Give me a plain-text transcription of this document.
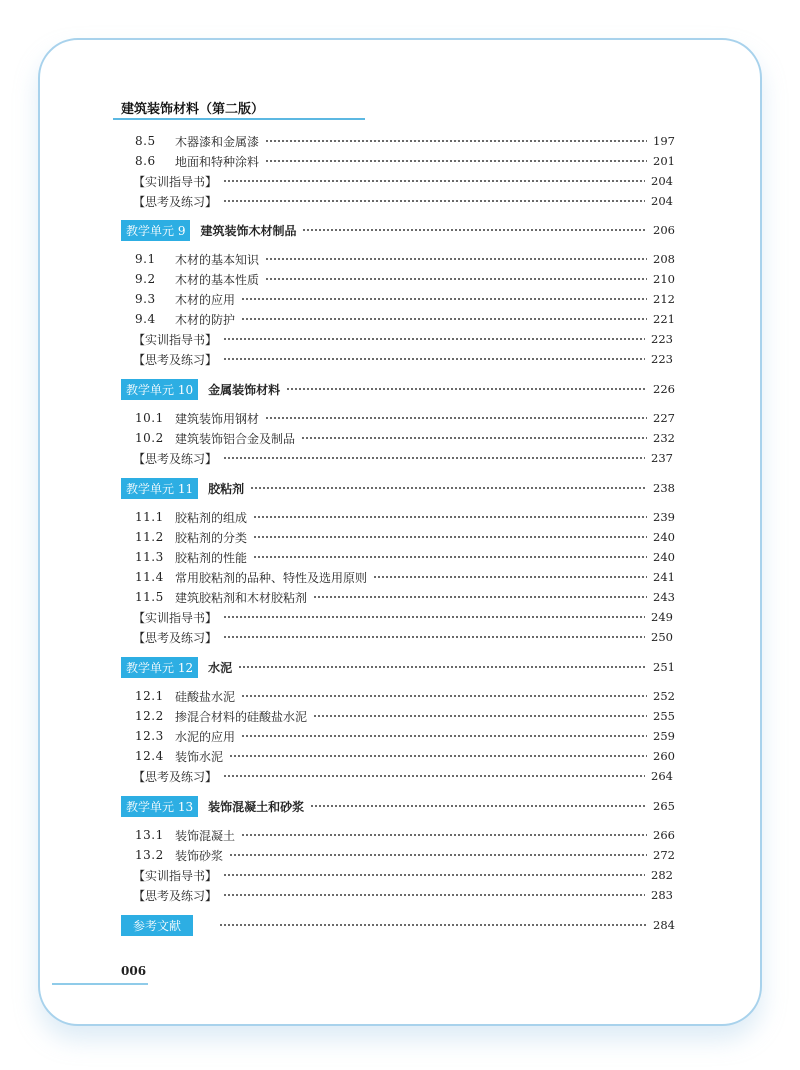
建筑装饰材料（第二版）
8.5	木器漆和金属漆	197
8.6	地面和特种涂料	201
【实训指导书】	204
【思考及练习】	204
教学单元 9	建筑装饰木材制品	206
9.1	木材的基本知识	208
9.2	木材的基本性质	210
9.3	木材的应用	212
9.4	木材的防护	221
【实训指导书】	223
【思考及练习】	223
教学单元 10	金属装饰材料	226
10.1 建筑装饰用钢材	227
10.2 建筑装饰铝合金及制品	232
【思考及练习】	237
教学单元 11	胶粘剂	238
11.1 胶粘剂的组成	239
11.2 胶粘剂的分类	240
11.3 胶粘剂的性能	240
11.4 常用胶粘剂的品种、特性及选用原则	241
11.5 建筑胶粘剂和木材胶粘剂	243
【实训指导书】	249
【思考及练习】	250
教学单元 12	水泥	251
12.1 硅酸盐水泥	252
12.2 掺混合材料的硅酸盐水泥	255
12.3 水泥的应用	259
12.4 装饰水泥	260
【思考及练习】	264
教学单元 13	装饰混凝土和砂浆	265
13.1 装饰混凝土	266
13.2 装饰砂浆	272
【实训指导书】	282
【思考及练习】	283
参考文献	284
006
